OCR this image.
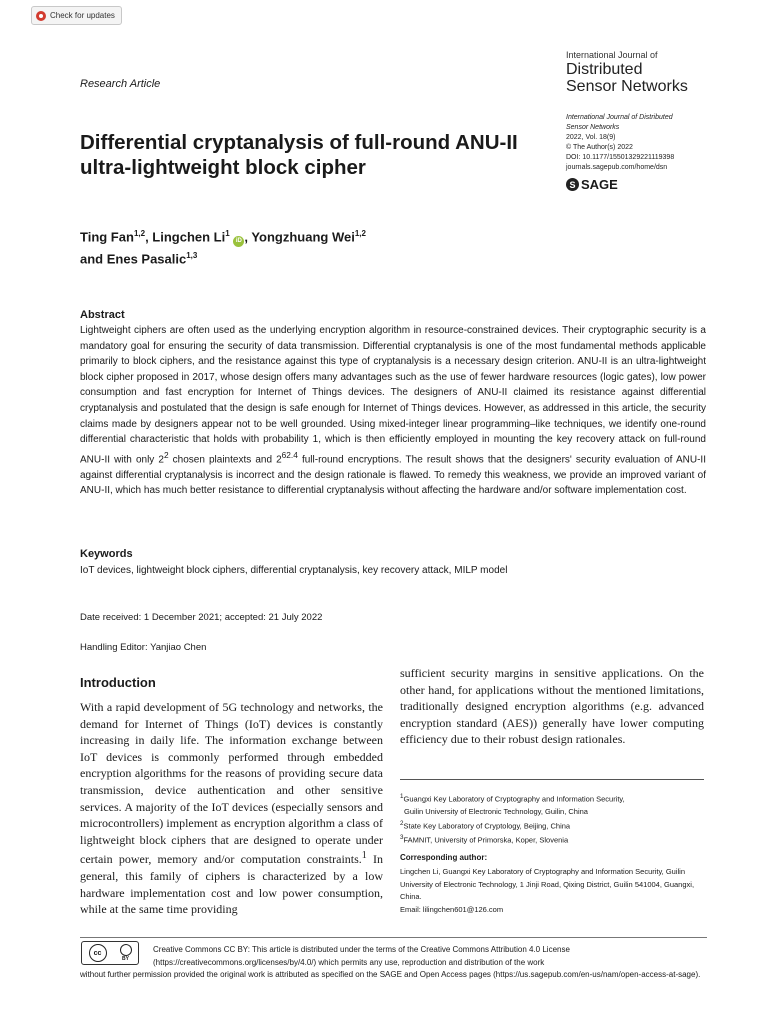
Check for updates
Research Article
International Journal of
Distributed
Sensor Networks
International Journal of Distributed
Sensor Networks
2022, Vol. 18(9)
© The Author(s) 2022
DOI: 10.1177/15501329221119398
journals.sagepub.com/home/dsn
S SAGE
Differential cryptanalysis of full-round ANU-II ultra-lightweight block cipher
Ting Fan$^{1,2}$, Lingchen Li$^1$ iD , Yongzhuang Wei$^{1,2}$
and Enes Pasalic$^{1,3}$
Abstract
Lightweight ciphers are often used as the underlying encryption algorithm in resource-constrained devices. Their cryptographic security is a mandatory goal for ensuring the security of data transmission. Differential cryptanalysis is one of the most fundamental methods applicable primarily to block ciphers, and the resistance against this type of cryptanalysis is a necessary design criterion. ANU-II is an ultra-lightweight block cipher proposed in 2017, whose design offers many advantages such as the use of fewer hardware resources (logic gates), low power consumption and fast encryption for Internet of Things devices. The designers of ANU-II claimed its resistance against differential cryptanalysis and postulated that the design is safe enough for Internet of Things devices. However, as addressed in this article, the security claims made by designers appear not to be well grounded. Using mixed-integer linear programming–like techniques, we identify one-round differential characteristic that holds with probability 1, which is then efficiently employed in mounting the key recovery attack on full-round ANU-II with only $2^2$ chosen plaintexts and $2^{62.4}$ full-round encryptions. The result shows that the designers' security evaluation of ANU-II against differential cryptanalysis is incorrect and the design rationale is flawed. To remedy this weakness, we provide an improved variant of ANU-II, which has much better resistance to differential cryptanalysis without affecting the hardware and/or software implementation cost.
Keywords
IoT devices, lightweight block ciphers, differential cryptanalysis, key recovery attack, MILP model
Date received: 1 December 2021; accepted: 21 July 2022
Handling Editor: Yanjiao Chen
Introduction
With a rapid development of 5G technology and networks, the demand for Internet of Things (IoT) devices is constantly increasing in daily life. The information exchange between IoT devices is commonly performed through embedded encryption algorithms for the reasons of providing secure data transmission, device authentication and other sensitive services. A majority of the IoT devices (especially sensors and microcontrollers) implement as encryption algorithm a class of lightweight block ciphers that are designed to operate under certain power, memory and/or computation constraints.$^1$ In general, this family of ciphers is characterized by a low hardware implementation cost and low power consumption, while at the same time providing
sufficient security margins in sensitive applications. On the other hand, for applications without the mentioned limitations, traditionally designed encryption algorithms (e.g. advanced encryption standard (AES)) generally have lower computing efficiency due to their robust design rationales.
$^1$Guangxi Key Laboratory of Cryptography and Information Security,
Guilin University of Electronic Technology, Guilin, China
$^2$State Key Laboratory of Cryptology, Beijing, China
$^3$FAMNIT, University of Primorska, Koper, Slovenia
Corresponding author:
Lingchen Li, Guangxi Key Laboratory of Cryptography and Information Security, Guilin University of Electronic Technology, 1 Jinji Road, Qixing District, Guilin 541004, Guangxi, China.
Email: lilingchen601@126.com
Creative Commons CC BY: This article is distributed under the terms of the Creative Commons Attribution 4.0 License
(https://creativecommons.org/licenses/by/4.0/) which permits any use, reproduction and distribution of the work
without further permission provided the original work is attributed as specified on the SAGE and Open Access pages (https://us.sagepub.com/en-us/nam/open-access-at-sage).
cc
BY
